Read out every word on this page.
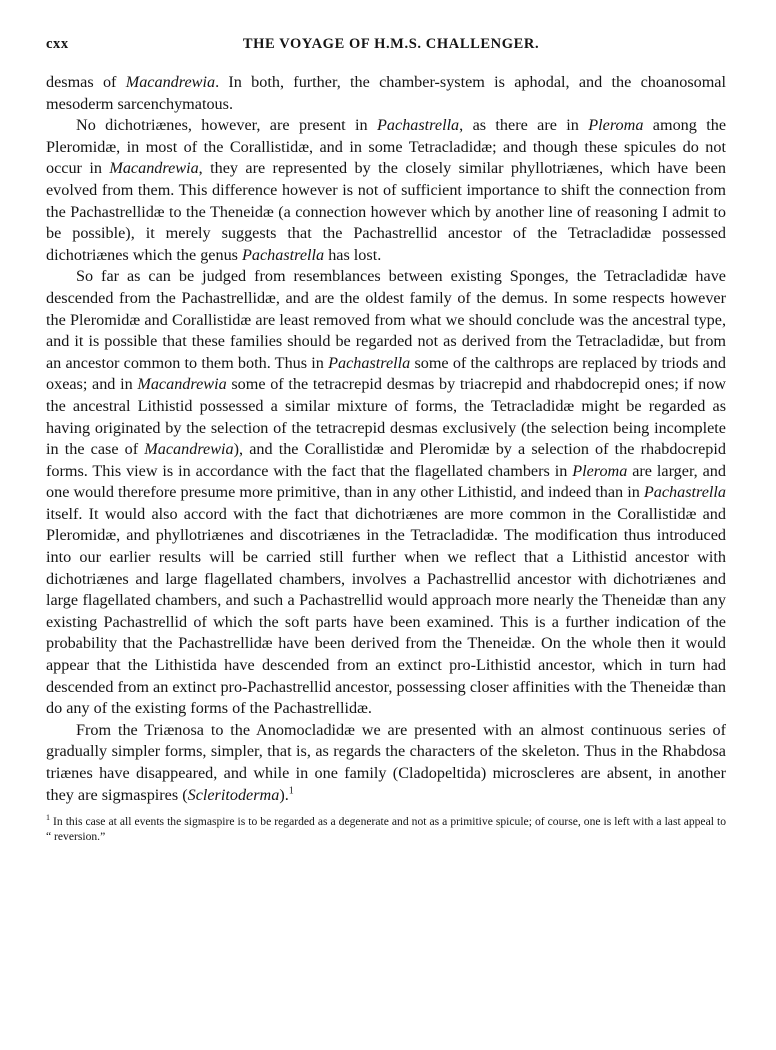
cxx	THE VOYAGE OF H.M.S. CHALLENGER.

desmas of Macandrewia. In both, further, the chamber-system is aphodal, and the choanosomal mesoderm sarcenchymatous.

No dichotriænes, however, are present in Pachastrella, as there are in Pleroma among the Pleromidæ, in most of the Corallistidæ, and in some Tetracladidæ; and though these spicules do not occur in Macandrewia, they are represented by the closely similar phyllotriænes, which have been evolved from them. This difference however is not of sufficient importance to shift the connection from the Pachastrellidæ to the Theneidæ (a connection however which by another line of reasoning I admit to be possible), it merely suggests that the Pachastrellid ancestor of the Tetracladidæ possessed dichotriænes which the genus Pachastrella has lost.

So far as can be judged from resemblances between existing Sponges, the Tetracladidæ have descended from the Pachastrellidæ, and are the oldest family of the demus. In some respects however the Pleromidæ and Corallistidæ are least removed from what we should conclude was the ancestral type, and it is possible that these families should be regarded not as derived from the Tetracladidæ, but from an ancestor common to them both. Thus in Pachastrella some of the calthrops are replaced by triods and oxeas; and in Macandrewia some of the tetracrepid desmas by triacrepid and rhabdocrepid ones; if now the ancestral Lithistid possessed a similar mixture of forms, the Tetracladidæ might be regarded as having originated by the selection of the tetracrepid desmas exclusively (the selection being incomplete in the case of Macandrewia), and the Corallistidæ and Pleromidæ by a selection of the rhabdocrepid forms. This view is in accordance with the fact that the flagellated chambers in Pleroma are larger, and one would therefore presume more primitive, than in any other Lithistid, and indeed than in Pachastrella itself. It would also accord with the fact that dichotriænes are more common in the Corallistidæ and Pleromidæ, and phyllotriænes and discotriænes in the Tetracladidæ. The modification thus introduced into our earlier results will be carried still further when we reflect that a Lithistid ancestor with dichotriænes and large flagellated chambers, involves a Pachastrellid ancestor with dichotriænes and large flagellated chambers, and such a Pachastrellid would approach more nearly the Theneidæ than any existing Pachastrellid of which the soft parts have been examined. This is a further indication of the probability that the Pachastrellidæ have been derived from the Theneidæ. On the whole then it would appear that the Lithistida have descended from an extinct pro-Lithistid ancestor, which in turn had descended from an extinct pro-Pachastrellid ancestor, possessing closer affinities with the Theneidæ than do any of the existing forms of the Pachastrellidæ.

From the Triænosa to the Anomocladidæ we are presented with an almost continuous series of gradually simpler forms, simpler, that is, as regards the characters of the skeleton. Thus in the Rhabdosa triænes have disappeared, and while in one family (Cladopeltida) microscleres are absent, in another they are sigmaspires (Scleritoderma).$^1$

$^1$ In this case at all events the sigmaspire is to be regarded as a degenerate and not as a primitive spicule; of course, one is left with a last appeal to “ reversion.”
